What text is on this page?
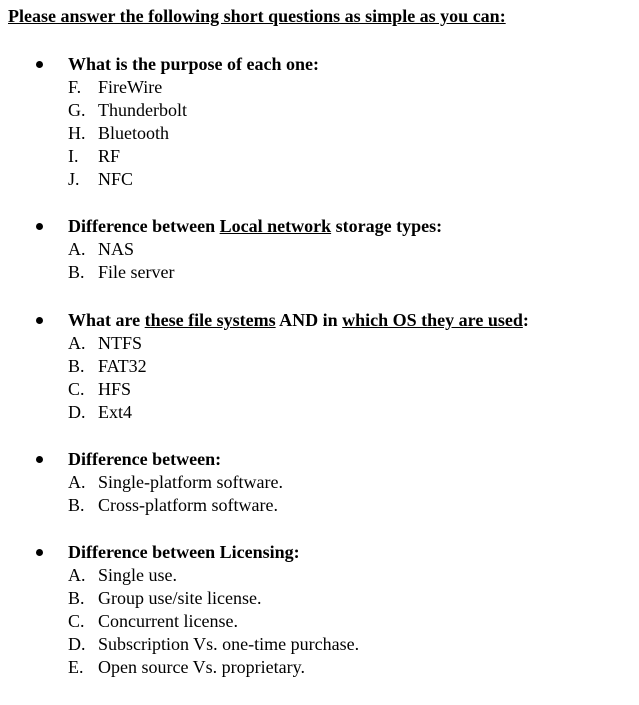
Please answer the following short questions as simple as you can:
What is the purpose of each one:
F. FireWire
G. Thunderbolt
H. Bluetooth
I. RF
J. NFC
Difference between Local network storage types:
A. NAS
B. File server
What are these file systems AND in which OS they are used:
A. NTFS
B. FAT32
C. HFS
D. Ext4
Difference between:
A. Single-platform software.
B. Cross-platform software.
Difference between Licensing:
A. Single use.
B. Group use/site license.
C. Concurrent license.
D. Subscription Vs. one-time purchase.
E. Open source Vs. proprietary.
